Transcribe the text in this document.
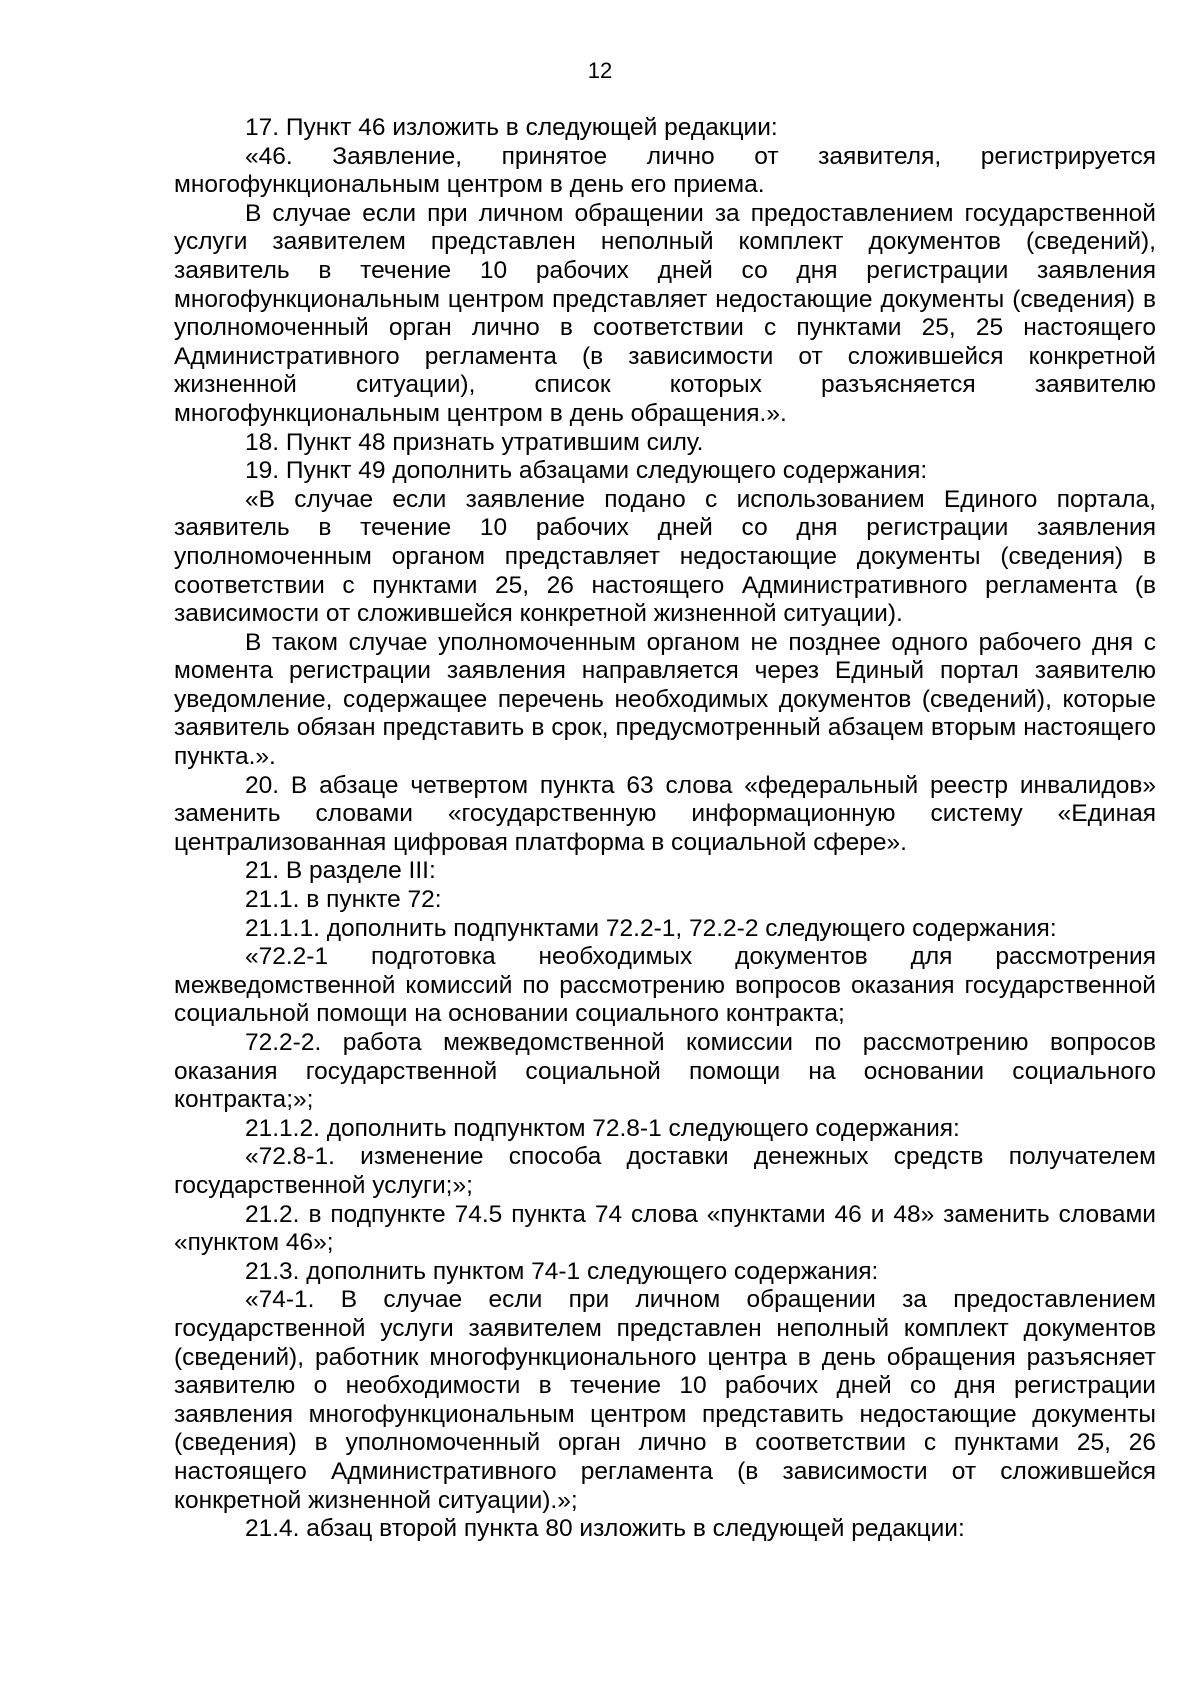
12

17. Пункт 46 изложить в следующей редакции:

«46. Заявление, принятое лично от заявителя, регистрируется многофункциональным центром в день его приема.

В случае если при личном обращении за предоставлением государственной услуги заявителем представлен неполный комплект документов (сведений), заявитель в течение 10 рабочих дней со дня регистрации заявления многофункциональным центром представляет недостающие документы (сведения) в уполномоченный орган лично в соответствии с пунктами 25, 25 настоящего Административного регламента (в зависимости от сложившейся конкретной жизненной ситуации), список которых разъясняется заявителю многофункциональным центром в день обращения.».

18. Пункт 48 признать утратившим силу.

19. Пункт 49 дополнить абзацами следующего содержания:

«В случае если заявление подано с использованием Единого портала, заявитель в течение 10 рабочих дней со дня регистрации заявления уполномоченным органом представляет недостающие документы (сведения) в соответствии с пунктами 25, 26 настоящего Административного регламента (в зависимости от сложившейся конкретной жизненной ситуации).

В таком случае уполномоченным органом не позднее одного рабочего дня с момента регистрации заявления направляется через Единый портал заявителю уведомление, содержащее перечень необходимых документов (сведений), которые заявитель обязан представить в срок, предусмотренный абзацем вторым настоящего пункта.».

20. В абзаце четвертом пункта 63 слова «федеральный реестр инвалидов» заменить словами «государственную информационную систему «Единая централизованная цифровая платформа в социальной сфере».

21. В разделе III:

21.1. в пункте 72:

21.1.1. дополнить подпунктами 72.2-1, 72.2-2 следующего содержания:

«72.2-1 подготовка необходимых документов для рассмотрения межведомственной комиссий по рассмотрению вопросов оказания государственной социальной помощи на основании социального контракта;

72.2-2. работа межведомственной комиссии по рассмотрению вопросов оказания государственной социальной помощи на основании социального контракта;»;

21.1.2. дополнить подпунктом 72.8-1 следующего содержания:

«72.8-1. изменение способа доставки денежных средств получателем государственной услуги;»;

21.2. в подпункте 74.5 пункта 74 слова «пунктами 46 и 48» заменить словами «пунктом 46»;

21.3. дополнить пунктом 74-1 следующего содержания:

«74-1. В случае если при личном обращении за предоставлением государственной услуги заявителем представлен неполный комплект документов (сведений), работник многофункционального центра в день обращения разъясняет заявителю о необходимости в течение 10 рабочих дней со дня регистрации заявления многофункциональным центром представить недостающие документы (сведения) в уполномоченный орган лично в соответствии с пунктами 25, 26 настоящего Административного регламента (в зависимости от сложившейся конкретной жизненной ситуации).»;

21.4. абзац второй пункта 80 изложить в следующей редакции:
